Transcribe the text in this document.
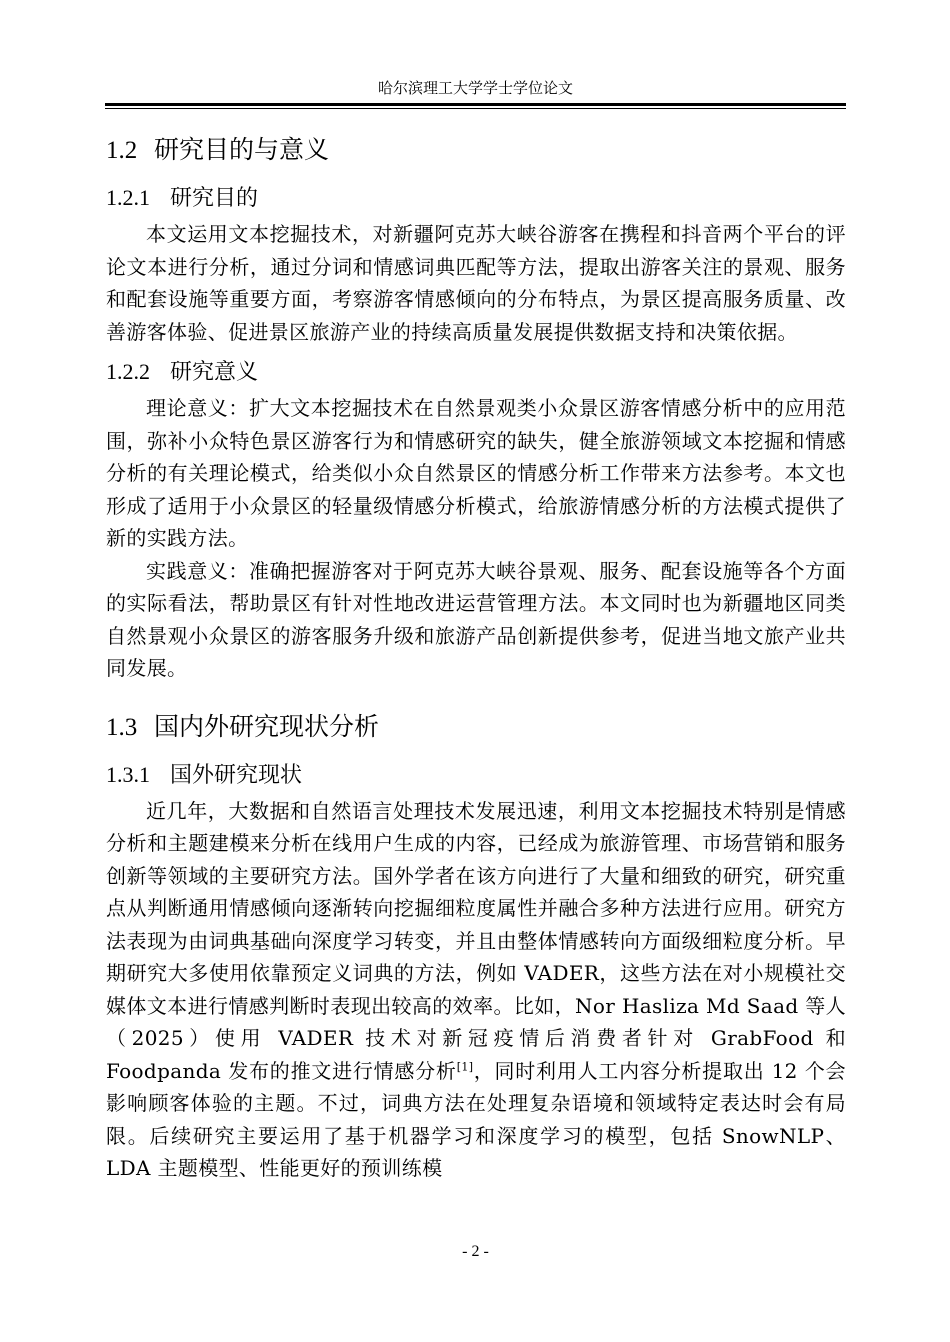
哈尔滨理工大学学士学位论文
1.2 研究目的与意义
1.2.1 研究目的

本文运用文本挖掘技术，对新疆阿克苏大峡谷游客在携程和抖音两个平台的评论文本进行分析，通过分词和情感词典匹配等方法，提取出游客关注的景观、服务和配套设施等重要方面，考察游客情感倾向的分布特点，为景区提高服务质量、改善游客体验、促进景区旅游产业的持续高质量发展提供数据支持和决策依据。

1.2.2 研究意义

理论意义：扩大文本挖掘技术在自然景观类小众景区游客情感分析中的应用范围，弥补小众特色景区游客行为和情感研究的缺失，健全旅游领域文本挖掘和情感分析的有关理论模式，给类似小众自然景区的情感分析工作带来方法参考。本文也形成了适用于小众景区的轻量级情感分析模式，给旅游情感分析的方法模式提供了新的实践方法。

实践意义：准确把握游客对于阿克苏大峡谷景观、服务、配套设施等各个方面的实际看法，帮助景区有针对性地改进运营管理方法。本文同时也为新疆地区同类自然景观小众景区的游客服务升级和旅游产品创新提供参考，促进当地文旅产业共同发展。

1.3 国内外研究现状分析
1.3.1 国外研究现状

近几年，大数据和自然语言处理技术发展迅速，利用文本挖掘技术特别是情感分析和主题建模来分析在线用户生成的内容，已经成为旅游管理、市场营销和服务创新等领域的主要研究方法。国外学者在该方向进行了大量和细致的研究，研究重点从判断通用情感倾向逐渐转向挖掘细粒度属性并融合多种方法进行应用。研究方法表现为由词典基础向深度学习转变，并且由整体情感转向方面级细粒度分析。早期研究大多使用依靠预定义词典的方法，例如 VADER，这些方法在对小规模社交媒体文本进行情感判断时表现出较高的效率。比如，Nor Hasliza Md Saad 等人（2025）使用 VADER 技术对新冠疫情后消费者针对 GrabFood 和 Foodpanda 发布的推文进行情感分析[1]，同时利用人工内容分析提取出 12 个会影响顾客体验的主题。不过，词典方法在处理复杂语境和领域特定表达时会有局限。后续研究主要运用了基于机器学习和深度学习的模型，包括 SnowNLP、LDA 主题模型、性能更好的预训练模

- 2 -
